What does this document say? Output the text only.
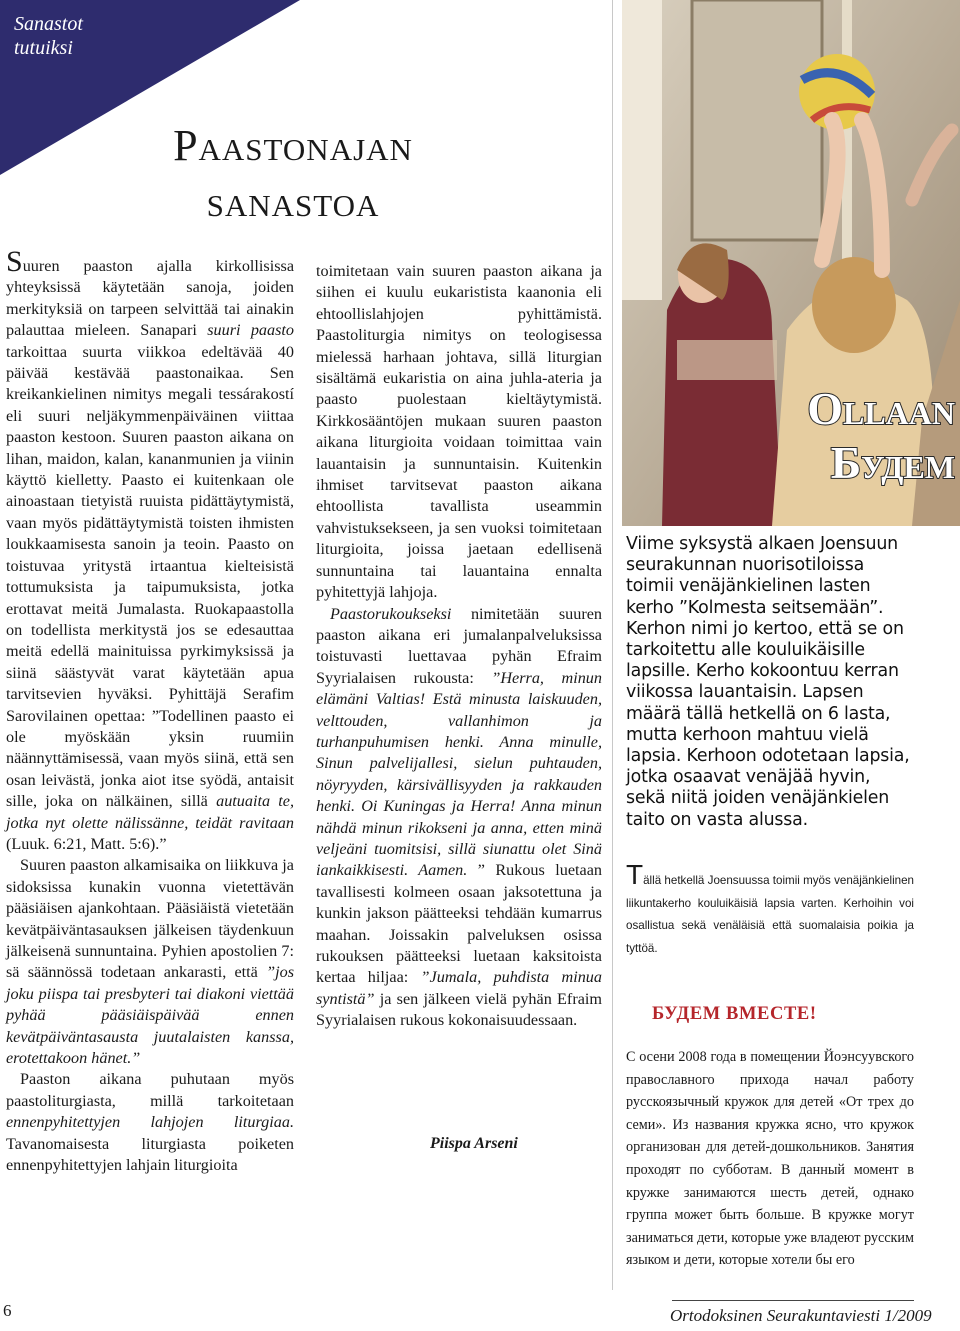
Sanastot
tutuiksi
Paastonajan
sanastoa

Suuren paaston ajalla kirkollisissa yhteyksissä käytetään sanoja, joiden merkityksiä on tarpeen selvittää tai ainakin palauttaa mieleen. Sanapari suuri paasto tarkoittaa suurta viikkoa edeltävää 40 päivää kestävää paastonaikaa. Sen kreikankielinen nimitys megali tessárakostí eli suuri neljäkymmenpäiväinen viittaa paaston kestoon. Suuren paaston aikana on lihan, maidon, kalan, kananmunien ja viinin käyttö kielletty. Paasto ei kuitenkaan ole ainoastaan tietyistä ruuista pidättäytymistä, vaan myös pidättäytymistä toisten ihmisten loukkaamisesta sanoin ja teoin. Paasto on toistuvaa yritystä irtaantua kielteisistä tottumuksista ja taipumuksista, jotka erottavat meitä Jumalasta. Ruokapaastolla on todellista merkitystä jos se edesauttaa meitä edellä mainituissa pyrkimyksissä ja siinä säästyvät varat käytetään apua tarvitsevien hyväksi. Pyhittäjä Serafim Sarovilainen opettaa: ”Todellinen paasto ei ole myöskään yksin ruumiin näännyttämisessä, vaan myös siinä, että sen osan leivästä, jonka aiot itse syödä, antaisit sille, joka on nälkäinen, sillä autuaita te, jotka nyt olette nälissänne, teidät ravitaan (Luuk. 6:21, Matt. 5:6).”

Suuren paaston alkamisaika on liikkuva ja sidoksissa kunakin vuonna vietettävän pääsiäisen ajankohtaan. Pääsiäistä vietetään kevätpäiväntasauksen jälkeisen täydenkuun jälkeisenä sunnuntaina. Pyhien apostolien 7: sä säännössä todetaan ankarasti, että ”jos joku piispa tai presbyteri tai diakoni viettää pyhää pääsiäispäivää ennen kevätpäiväntasausta juutalaisten kanssa, erotettakoon hänet.”

Paaston aikana puhutaan myös paastoliturgiasta, millä tarkoitetaan ennenpyhitettyjen lahjojen liturgiaa. Tavanomaisesta liturgiasta poiketen ennenpyhitettyjen lahjain liturgioita

toimitetaan vain suuren paaston aikana ja siihen ei kuulu eukaristista kaanonia eli ehtoollislahjojen pyhittämistä. Paastoliturgia nimitys on teologisessa mielessä harhaan johtava, sillä liturgian sisältämä eukaristia on aina juhla-ateria ja paasto puolestaan kieltäytymistä. Kirkkosääntöjen mukaan suuren paaston aikana liturgioita voidaan toimittaa vain lauantaisin ja sunnuntaisin. Kuitenkin ihmiset tarvitsevat paaston aikana ehtoollista tavallista useammin vahvistuksekseen, ja sen vuoksi toimitetaan liturgioita, joissa jaetaan edellisenä sunnuntaina tai lauantaina ennalta pyhitettyjä lahjoja.

Paastorukoukseksi nimitetään suuren paaston aikana eri jumalanpalveluksissa toistuvasti luettavaa pyhän Efraim Syyrialaisen rukousta: ”Herra, minun elämäni Valtias! Estä minusta laiskuuden, velttouden, vallanhimon ja turhanpuhumisen henki. Anna minulle, Sinun palvelijallesi, sielun puhtauden, nöyryyden, kärsivällisyyden ja rakkauden henki. Oi Kuningas ja Herra! Anna minun nähdä minun rikokseni ja anna, etten minä veljeäni tuomitsisi, sillä siunattu olet Sinä iankaikkisesti. Aamen. ” Rukous luetaan tavallisesti kolmeen osaan jaksotettuna ja kunkin jakson päätteeksi tehdään kumarrus maahan. Joissakin palveluksen osissa rukouksen päätteeksi luetaan kaksitoista kertaa hiljaa: ”Jumala, puhdista minua syntistä” ja sen jälkeen vielä pyhän Efraim Syyrialaisen rukous kokonaisuudessaan.

Piispa Arseni
Ollaan
Будем
Viime syksystä alkaen Joensuun seurakunnan nuorisotiloissa toimii venäjänkielinen lasten kerho ”Kolmesta seitsemään”. Kerhon nimi jo kertoo, että se on tarkoitettu alle kouluikäisille lapsille. Kerho kokoontuu kerran viikossa lauantaisin. Lapsen määrä tällä hetkellä on 6 lasta, mutta kerhoon mahtuu vielä lapsia. Kerhoon odotetaan lapsia, jotka osaavat venäjää hyvin, sekä niitä joiden venäjänkielen taito on vasta alussa.
Tällä hetkellä Joensuussa toimii myös venäjänkielinen liikuntakerho kouluikäisiä lapsia varten. Kerhoihin voi osallistua sekä venäläisiä että suomalaisia poikia ja tyttöä.
БУДЕМ ВМЕСТЕ!
С осени 2008 года в помещении Йоэнсуувского православного прихода начал работу русскоязычный кружок для детей «От трех до семи». Из названия кружка ясно, что кружок организован для детей-дошкольников. Занятия проходят по субботам. В данный момент в кружке занимаются шесть детей, однако группа может быть больше. В кружке могут заниматься дети, которые уже владеют русским языком и дети, которые хотели бы его
6	Ortodoksinen Seurakuntaviesti 1/2009
